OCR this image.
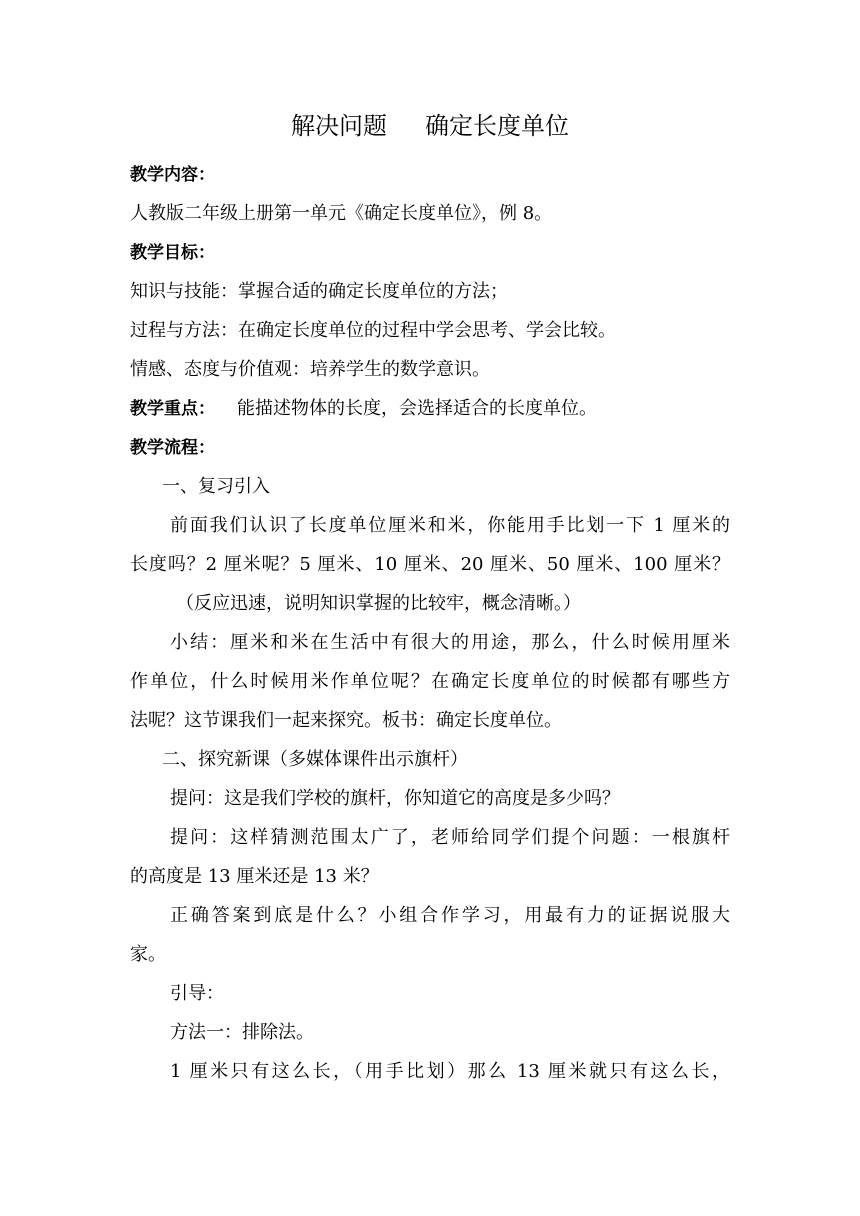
解决问题 确定长度单位
教学内容：
人教版二年级上册第一单元《确定长度单位》，例 8。
教学目标：
知识与技能：掌握合适的确定长度单位的方法；
过程与方法：在确定长度单位的过程中学会思考、学会比较。
情感、态度与价值观：培养学生的数学意识。
教学重点： 能描述物体的长度，会选择适合的长度单位。
教学流程：
一、复习引入
前面我们认识了长度单位厘米和米，你能用手比划一下 1 厘米的
长度吗？2 厘米呢？5 厘米、10 厘米、20 厘米、50 厘米、100 厘米？
（反应迅速，说明知识掌握的比较牢，概念清晰。）
小结：厘米和米在生活中有很大的用途，那么，什么时候用厘米
作单位，什么时候用米作单位呢？在确定长度单位的时候都有哪些方
法呢？这节课我们一起来探究。板书：确定长度单位。
二、探究新课（多媒体课件出示旗杆）
提问：这是我们学校的旗杆，你知道它的高度是多少吗？
提问：这样猜测范围太广了，老师给同学们提个问题：一根旗杆
的高度是 13 厘米还是 13 米？
正确答案到底是什么？小组合作学习，用最有力的证据说服大
家。
引导：
方法一：排除法。
1 厘米只有这么长，（用手比划）那么 13 厘米就只有这么长，
